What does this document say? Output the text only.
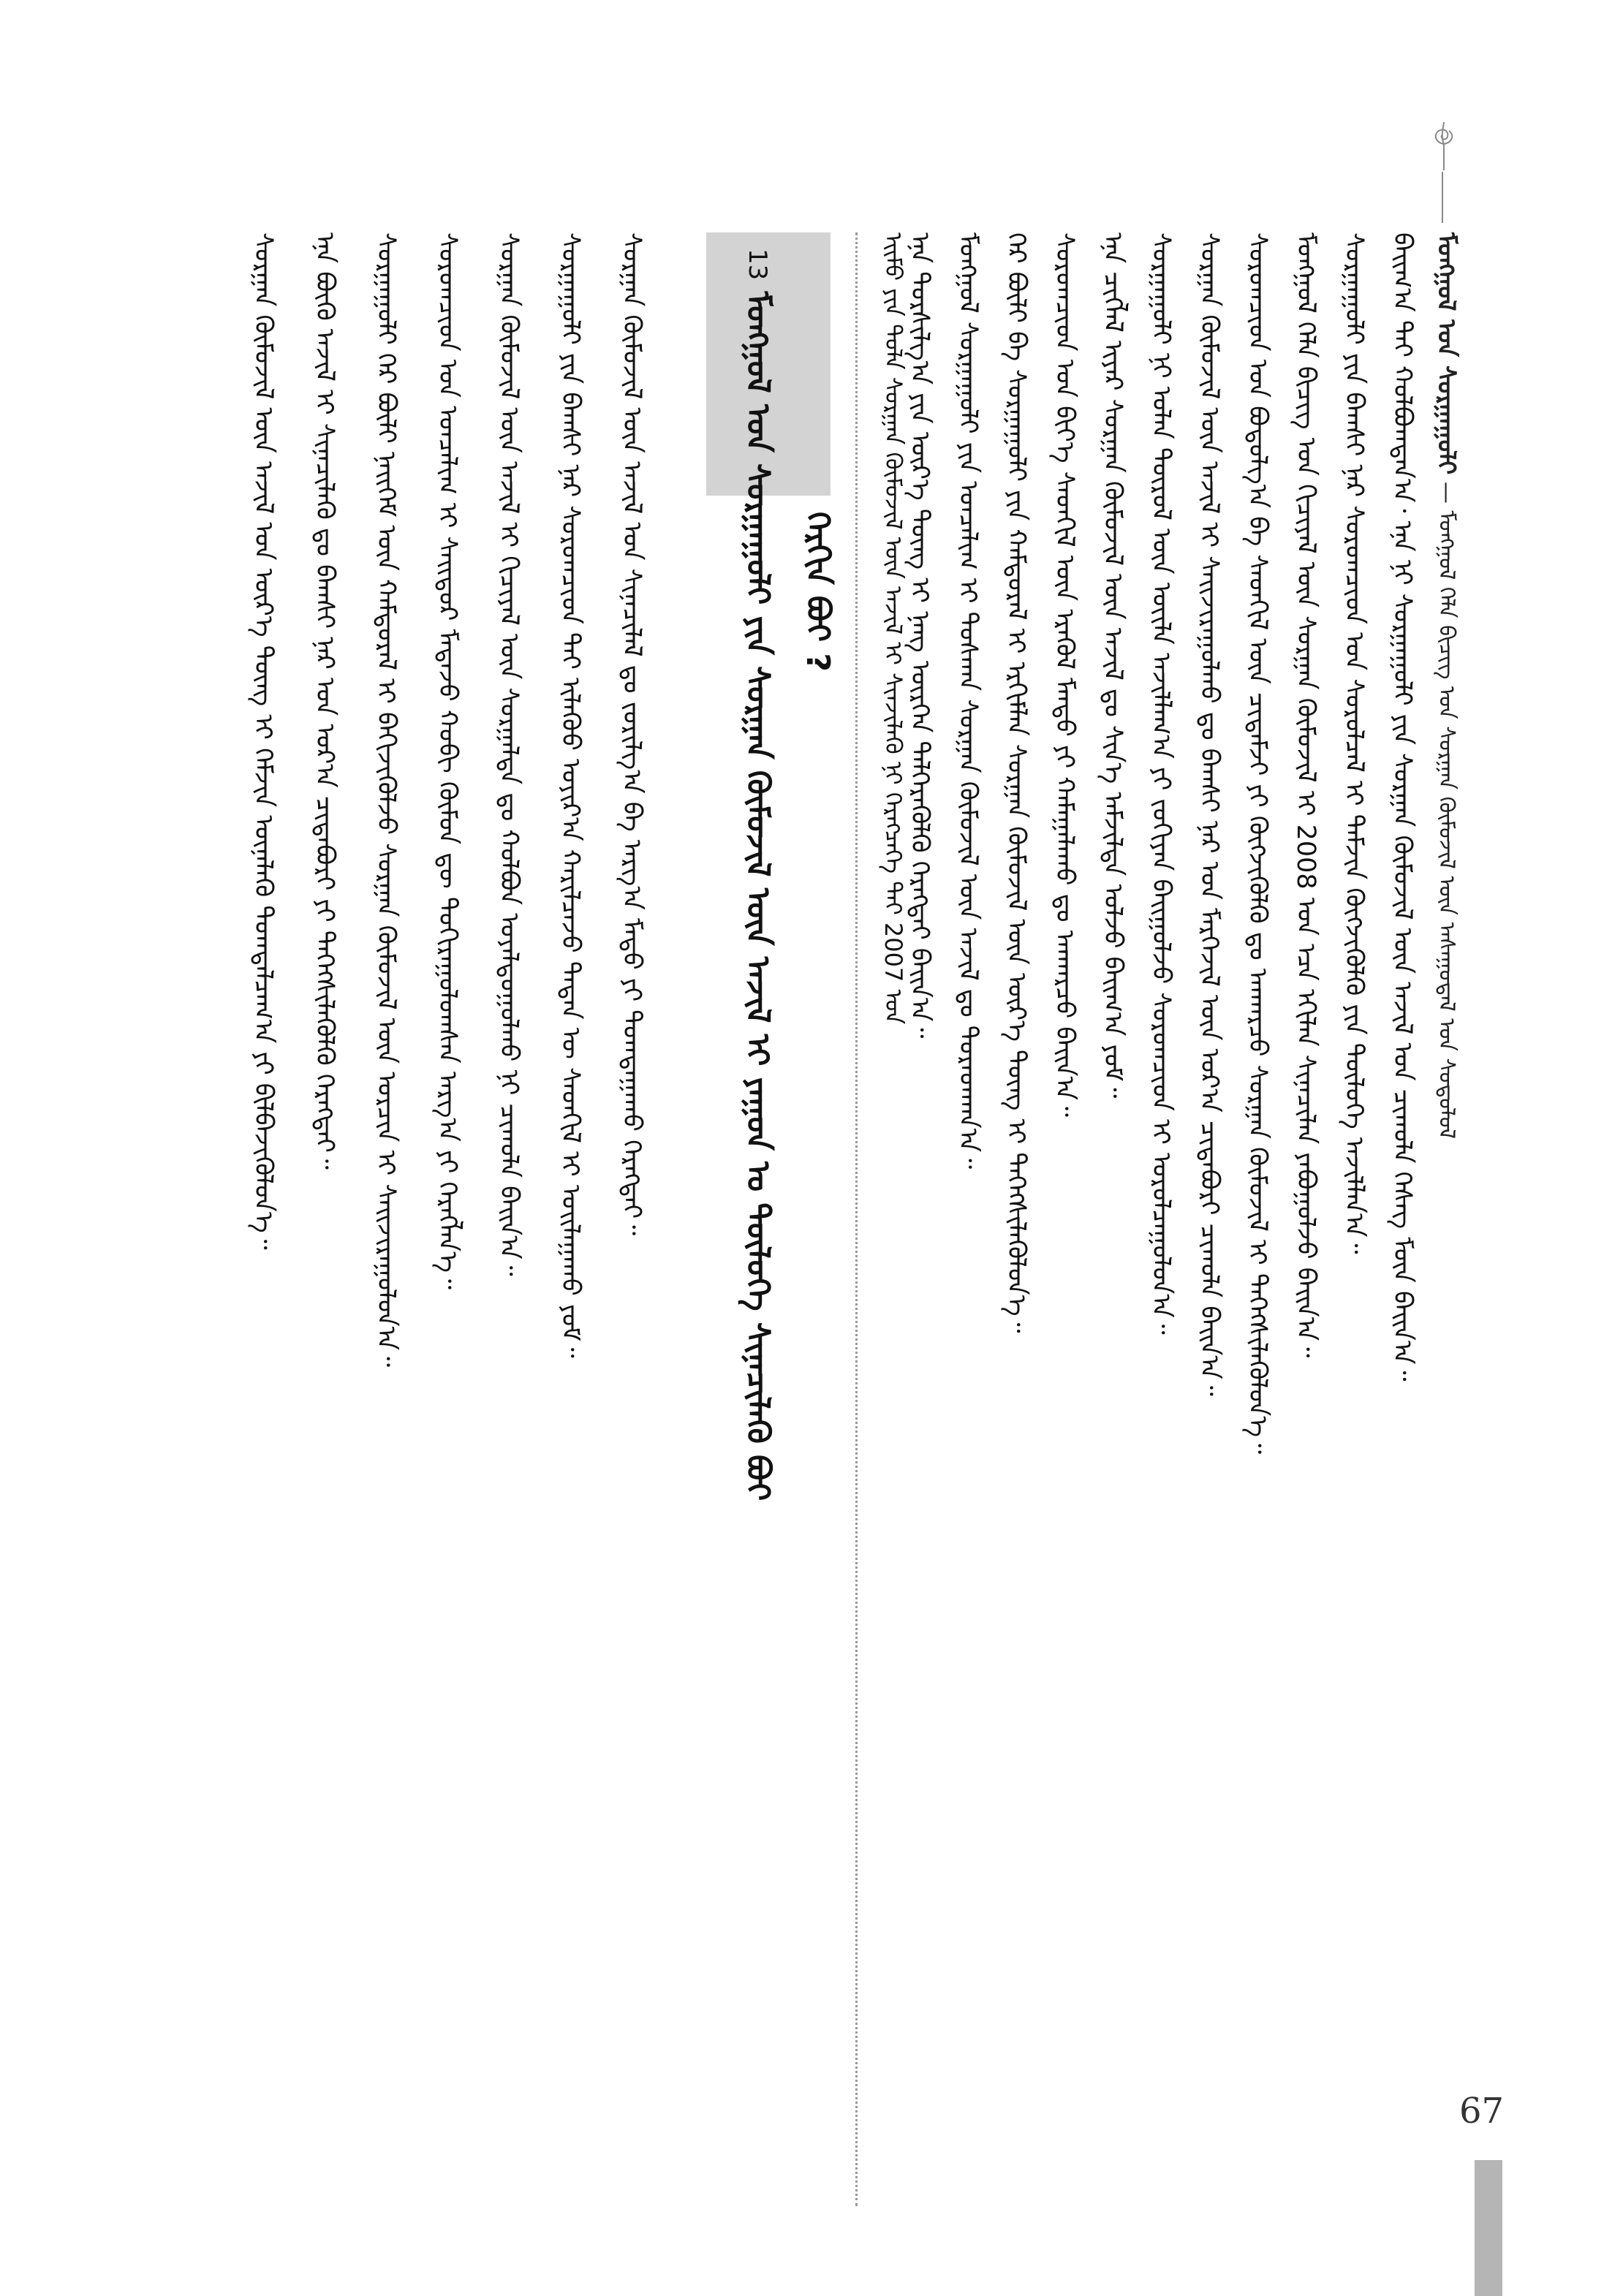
ᠮᠣᠩᠭᠣᠯ ᠤᠨ ᠰᠤᠷᠭᠠᠭᠤᠯᠢ — ᠮᠣᠩᠭᠣᠯ ᠬᠡᠯᠡ ᠪᠢᠴᠢᠭ ᠤᠨ ᠰᠤᠷᠭᠠᠨ ᠬᠦᠮᠦᠵᠢᠯ ᠦᠨ ᠠᠰᠠᠭᠤᠳᠠᠯ ᠤᠨ ᠰᠣᠳᠤᠯᠤᠯ
ᠪᠠᠢᠭ᠎ᠠ ᠲᠠᠢ ᠬᠣᠯᠪᠣᠭᠳᠠᠨ᠎ᠠ᠂ ᠡᠨᠡ ᠨᠢ ᠰᠤᠷᠭᠠᠭᠤᠯᠢ ᠶᠢᠨ ᠰᠤᠷᠭᠠᠨ ᠬᠦᠮᠦᠵᠢᠯ ᠦᠨ ᠠᠵᠢᠯ ᠤᠨ ᠴᠢᠬᠤᠯᠠ ᠬᠡᠰᠡᠭ ᠮᠥᠨ ᠪᠠᠢᠨ᠎ᠠ᠃
ᠰᠤᠷᠭᠠᠭᠤᠯᠢ ᠶᠢᠨ ᠪᠠᠭᠰᠢ ᠨᠠᠷ ᠰᠤᠷᠤᠭᠴᠢᠳ ᠤᠨ ᠰᠤᠷᠤᠯᠴᠠᠯ ᠢ ᠳᠡᠮᠵᠢᠨ ᠬᠥᠭᠵᠢᠭᠦᠯᠬᠦ ᠶᠢᠨ ᠲᠥᠯᠥᠭᠡ ᠠᠵᠢᠯᠯᠠᠨ᠎ᠠ᠃
ᠮᠣᠩᠭᠣᠯ ᠬᠡᠯᠡ ᠪᠢᠴᠢᠭ ᠤᠨ ᠬᠢᠴᠢᠶᠡᠯ ᠦᠨ ᠰᠤᠷᠭᠠᠨ ᠬᠦᠮᠦᠵᠢᠯ ᠢ 2008 ᠣᠨ ᠡᠴᠡ ᠡᠬᠢᠯᠡᠨ ᠰᠢᠨᠡᠴᠢᠯᠡᠨ ᠶᠠᠪᠤᠭᠤᠯᠵᠤ ᠪᠠᠢᠨ᠎ᠠ᠃
ᠰᠤᠷᠤᠭᠴᠢᠳ ᠤᠨ ᠪᠣᠳᠤᠯᠭ᠎ᠠ ᠪᠠ ᠰᠡᠳᠬᠢᠯ ᠦᠨ ᠴᠢᠳᠠᠮᠵᠢ ᠶᠢ ᠬᠥᠭᠵᠢᠭᠦᠯᠬᠦ ᠳᠤ ᠠᠨᠬᠠᠷᠴᠤ ᠰᠤᠷᠭᠠᠨ ᠬᠦᠮᠦᠵᠢᠯ ᠢ ᠳᠡᠭᠡᠭᠰᠢᠯᠡᠭᠦᠯᠦᠨ᠎ᠡ᠃
ᠰᠤᠷᠭᠠᠨ ᠬᠦᠮᠦᠵᠢᠯ ᠦᠨ ᠠᠵᠢᠯ ᠢ ᠰᠠᠢᠵᠢᠷᠠᠭᠤᠯᠬᠤ ᠳᠤ ᠪᠠᠭᠰᠢ ᠨᠠᠷ ᠤᠨ ᠮᠡᠷᠭᠡᠵᠢᠯ ᠦᠨ ᠤᠷ᠎ᠠ ᠴᠢᠳᠠᠪᠤᠷᠢ ᠴᠢᠬᠤᠯᠠ ᠪᠠᠢᠨ᠎ᠠ᠃
ᠰᠤᠷᠭᠠᠭᠤᠯᠢ ᠨᠢ ᠣᠯᠠᠨ ᠲᠥᠷᠦᠯ ᠦᠨ ᠦᠢᠯᠡ ᠠᠵᠢᠯᠯᠠᠭ᠎ᠠ ᠶᠢ ᠵᠣᠬᠢᠶᠠᠨ ᠪᠠᠢᠭᠤᠯᠵᠤ ᠰᠤᠷᠤᠭᠴᠢᠳ ᠢ ᠣᠷᠣᠯᠴᠠᠭᠤᠯᠤᠨ᠎ᠠ᠃
ᠡᠨᠡ ᠴᠢᠭᠯᠡᠯ ᠢᠶᠡᠷ ᠰᠤᠷᠭᠠᠨ ᠬᠦᠮᠦᠵᠢᠯ ᠦᠨ ᠠᠵᠢᠯ ᠳᠤ ᠰᠢᠨ᠎ᠡ ᠠᠮᠵᠢᠯᠲᠠ ᠣᠯᠵᠤ ᠪᠠᠢᠭ᠎ᠠ ᠶᠤᠮ᠃
ᠰᠤᠷᠤᠭᠴᠢᠳ ᠤᠨ ᠪᠢᠶ᠎ᠡ ᠰᠡᠳᠬᠢᠯ ᠦᠨ ᠡᠷᠡᠭᠦᠯ ᠮᠡᠨᠳᠦ ᠶᠢ ᠬᠠᠮᠠᠭᠠᠯᠠᠬᠤ ᠳᠤ ᠠᠨᠬᠠᠷᠴᠤ ᠪᠠᠢᠨ᠎ᠠ᠃
ᠭᠡᠷ ᠪᠦᠯᠢ ᠪᠠ ᠰᠤᠷᠭᠠᠭᠤᠯᠢ ᠶᠢᠨ ᠬᠠᠮᠲᠤᠷᠠᠯ ᠢ ᠡᠷᠬᠢᠮᠯᠡᠨ ᠰᠤᠷᠭᠠᠨ ᠬᠦᠮᠦᠵᠢᠯ ᠦᠨ ᠦᠷ᠎ᠡ ᠳᠦᠩ ᠢ ᠳᠡᠭᠡᠭᠰᠢᠯᠡᠭᠦᠯᠦᠨ᠎ᠡ᠃
ᠮᠣᠩᠭᠣᠯ ᠰᠤᠷᠭᠠᠭᠤᠯᠢ ᠶᠢᠨ ᠣᠨᠴᠠᠯᠢᠭ ᠢ ᠲᠤᠰᠬᠠᠨ ᠰᠤᠷᠭᠠᠨ ᠬᠦᠮᠦᠵᠢᠯ ᠦᠨ ᠠᠵᠢᠯ ᠳᠤ ᠳᠤᠷᠠᠳᠬᠠᠨ᠎ᠠ᠃
ᠡᠨᠡ ᠲᠤᠷᠱᠢᠯᠭ᠎ᠠ ᠶᠢᠨ ᠦᠷ᠎ᠡ ᠳᠦᠩ ᠢ ᠨᠡᠩ ᠦᠷᠭᠡᠨ ᠳᠡᠯᠭᠡᠷᠡᠭᠦᠯᠬᠦ ᠬᠡᠷᠡᠭᠲᠡᠢ ᠪᠠᠢᠨ᠎ᠠ᠃
ᠡᠢᠮᠦ ᠶᠢᠨ ᠲᠤᠯᠠ ᠰᠤᠷᠭᠠᠨ ᠬᠦᠮᠦᠵᠢᠯ ᠦᠨ ᠠᠵᠢᠯ ᠢ ᠰᠢᠨᠵᠢᠯᠡᠬᠦ ᠨᠢ ᠬᠡᠷᠡᠭᠴᠡᠭᠡ ᠲᠠᠢ 2007 ᠣᠨ
13 ᠮᠣᠩᠭᠣᠯ ᠤᠨ ᠰᠤᠷᠭᠠᠭᠤᠯᠢ ᠶᠢᠨ ᠰᠤᠷᠭᠠᠨ ᠬᠦᠮᠦᠵᠢᠯ ᠦᠨ ᠠᠵᠢᠯ ᠢ ᠶᠠᠭᠤᠨ ᠤ ᠲᠥᠯᠥᠭᠡ ᠰᠢᠨᠡᠴᠢᠯᠡᠬᠦ ᠪᠤᠢ ᠬᠡᠷᠬᠢᠨ ᠪᠤᠢ ?
ᠰᠤᠷᠭᠠᠨ ᠬᠦᠮᠦᠵᠢᠯ ᠦᠨ ᠠᠵᠢᠯ ᠤᠨ ᠰᠢᠨᠡᠴᠢᠯᠡᠯ ᠳᠤ ᠵᠣᠷᠢᠯᠭ᠎ᠠ ᠪᠠ ᠠᠷᠭ᠎ᠠ ᠮᠡᠲᠦ ᠶᠢ ᠲᠣᠭᠲᠠᠭᠠᠬᠤ ᠬᠡᠷᠡᠭᠲᠡᠢ᠃
ᠰᠤᠷᠭᠠᠭᠤᠯᠢ ᠶᠢᠨ ᠪᠠᠭᠰᠢ ᠨᠠᠷ ᠰᠤᠷᠤᠭᠴᠢᠳ ᠲᠠᠢ ᠢᠯᠡᠭᠦᠦ ᠣᠶᠢᠷ᠎ᠠ ᠬᠠᠷᠢᠯᠴᠠᠵᠤ ᠲᠡᠳᠡᠨ ᠦ ᠰᠡᠳᠬᠢᠯ ᠢ ᠣᠢᠯᠠᠭᠠᠬᠤ ᠶᠤᠮ᠃
ᠰᠤᠷᠭᠠᠨ ᠬᠦᠮᠦᠵᠢᠯ ᠦᠨ ᠠᠵᠢᠯ ᠢ ᠬᠢᠴᠢᠶᠡᠯ ᠦᠨ ᠰᠤᠷᠭᠠᠯᠲᠠ ᠳᠤ ᠬᠣᠯᠪᠣᠨ ᠤᠶᠠᠯᠳᠤᠭᠤᠯᠬᠤ ᠨᠢ ᠴᠢᠬᠤᠯᠠ ᠪᠠᠢᠨ᠎ᠠ᠃
ᠰᠤᠷᠤᠭᠴᠢᠳ ᠤᠨ ᠣᠨᠴᠠᠯᠢᠭ ᠢ ᠰᠠᠢᠲᠤᠷ ᠮᠡᠳᠡᠵᠦ ᠬᠤᠪᠢ ᠬᠦᠮᠦᠨ ᠳᠦ ᠲᠤᠬᠢᠷᠠᠭᠤᠯᠤᠭᠰᠠᠨ ᠠᠷᠭ᠎ᠠ ᠶᠢ ᠬᠡᠷᠡᠭᠯᠡᠨ᠎ᠡ᠃
ᠰᠤᠷᠭᠠᠭᠤᠯᠢ ᠭᠡᠷ ᠪᠦᠯᠢ ᠨᠡᠢᠭᠡᠮ ᠦᠨ ᠬᠠᠮᠲᠤᠷᠠᠯ ᠢ ᠪᠡᠬᠢᠵᠢᠭᠦᠯᠵᠦ ᠰᠤᠷᠭᠠᠨ ᠬᠦᠮᠦᠵᠢᠯ ᠦᠨ ᠣᠷᠴᠢᠨ ᠢ ᠰᠠᠢᠵᠢᠷᠠᠭᠤᠯᠤᠨ᠎ᠠ᠃
ᠡᠨᠡ ᠪᠦᠬᠦ ᠠᠵᠢᠯ ᠢ ᠰᠢᠨᠡᠴᠢᠯᠡᠬᠦ ᠳᠤ ᠪᠠᠭᠰᠢ ᠨᠠᠷ ᠤᠨ ᠤᠷ᠎ᠠ ᠴᠢᠳᠠᠪᠤᠷᠢ ᠶᠢ ᠳᠡᠭᠡᠭᠰᠢᠯᠡᠭᠦᠯᠬᠦ ᠬᠡᠷᠡᠭᠲᠡᠢ᠃
ᠰᠤᠷᠭᠠᠨ ᠬᠦᠮᠦᠵᠢᠯ ᠦᠨ ᠠᠵᠢᠯ ᠤᠨ ᠦᠷ᠎ᠡ ᠳᠦᠩ ᠢ ᠬᠡᠮᠵᠢᠨ ᠦᠨᠡᠯᠡᠬᠦ ᠲᠣᠭᠲᠠᠯᠴᠠᠭ᠎ᠠ ᠶᠢ ᠪᠢᠯᠪᠡᠵᠢᠭᠦᠯᠦᠨ᠎ᠡ᠃
67
